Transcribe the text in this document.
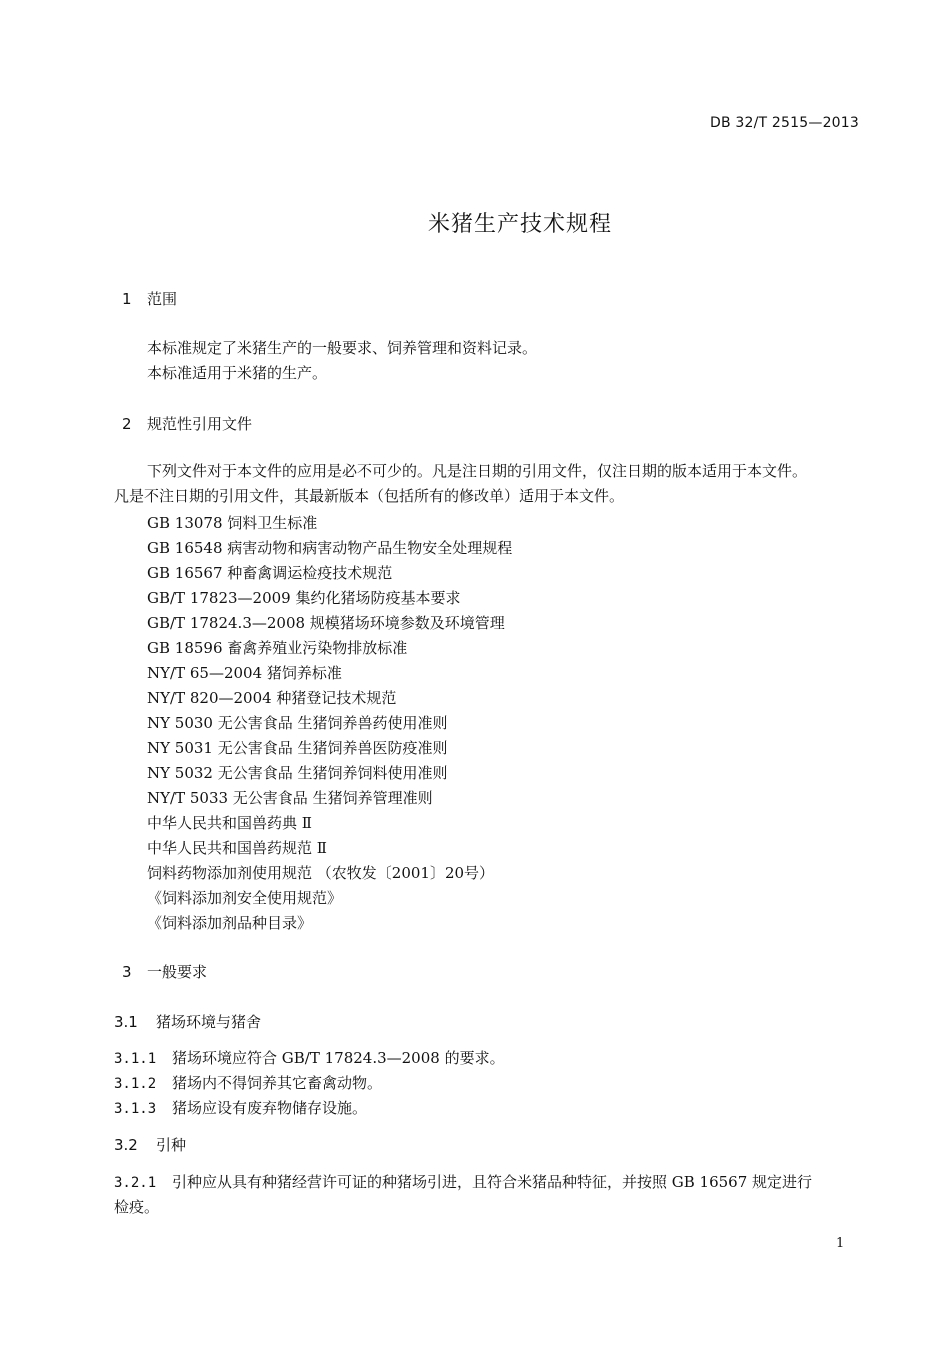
DB 32/T 2515—2013
米猪生产技术规程
1 范围
本标准规定了米猪生产的一般要求、饲养管理和资料记录。
本标准适用于米猪的生产。
2 规范性引用文件
下列文件对于本文件的应用是必不可少的。凡是注日期的引用文件，仅注日期的版本适用于本文件。
凡是不注日期的引用文件，其最新版本（包括所有的修改单）适用于本文件。
GB 13078 饲料卫生标准
GB 16548 病害动物和病害动物产品生物安全处理规程
GB 16567 种畜禽调运检疫技术规范
GB/T 17823—2009 集约化猪场防疫基本要求
GB/T 17824.3—2008 规模猪场环境参数及环境管理
GB 18596 畜禽养殖业污染物排放标准
NY/T 65—2004 猪饲养标准
NY/T 820—2004 种猪登记技术规范
NY 5030 无公害食品 生猪饲养兽药使用准则
NY 5031 无公害食品 生猪饲养兽医防疫准则
NY 5032 无公害食品 生猪饲养饲料使用准则
NY/T 5033 无公害食品 生猪饲养管理准则
中华人民共和国兽药典 Ⅱ
中华人民共和国兽药规范 Ⅱ
饲料药物添加剂使用规范 （农牧发〔2001〕20号）
《饲料添加剂安全使用规范》
《饲料添加剂品种目录》
3 一般要求
3.1 猪场环境与猪舍
3.1.1 猪场环境应符合 GB/T 17824.3—2008 的要求。
3.1.2 猪场内不得饲养其它畜禽动物。
3.1.3 猪场应设有废弃物储存设施。
3.2 引种
3.2.1 引种应从具有种猪经营许可证的种猪场引进，且符合米猪品种特征，并按照 GB 16567 规定进行
检疫。
1
